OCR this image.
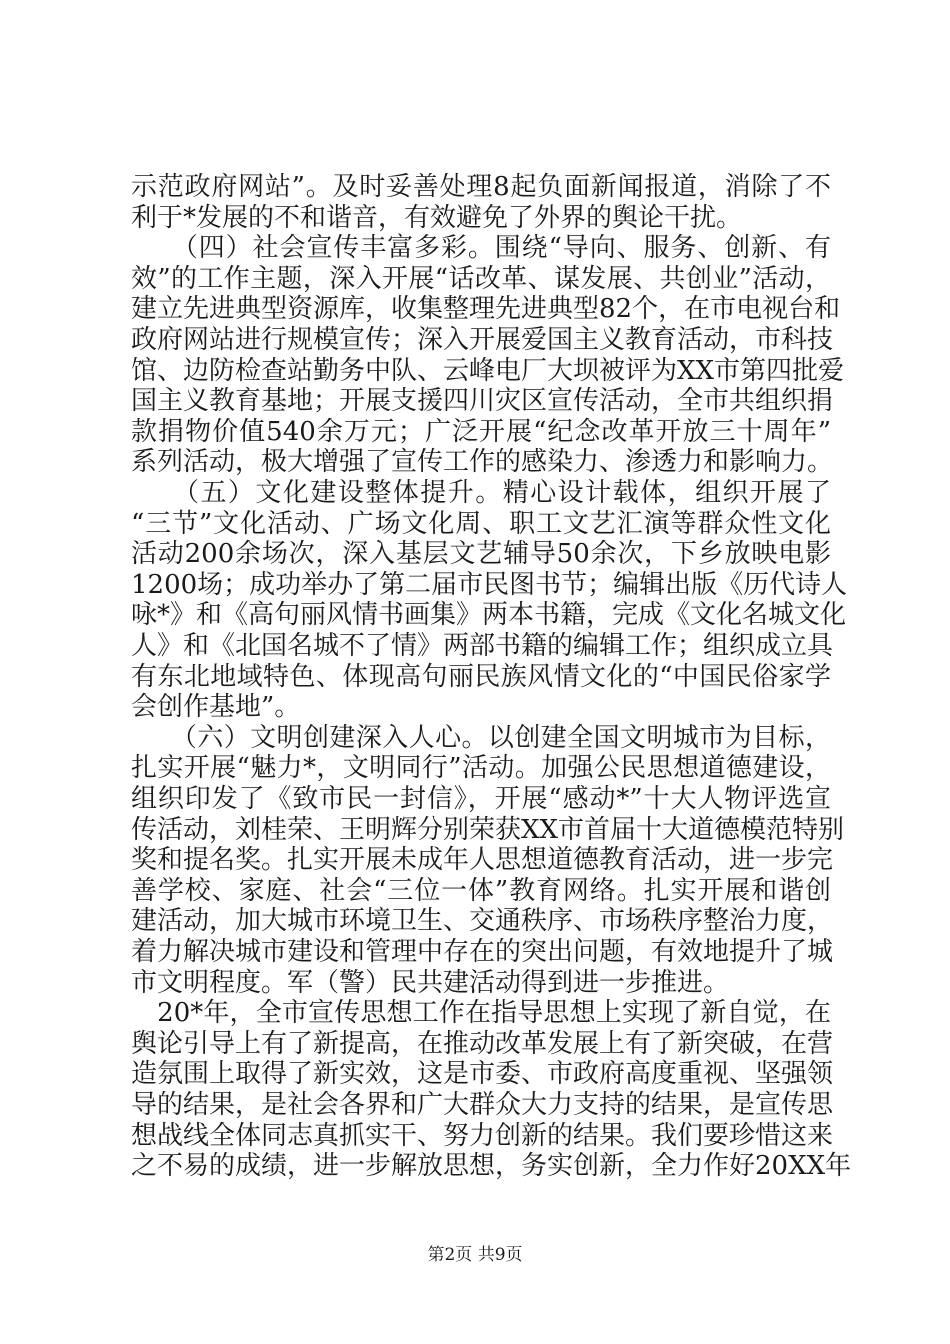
示范政府网站”。及时妥善处理8起负面新闻报道，消除了不
利于*发展的不和谐音，有效避免了外界的舆论干扰。
　　（四）社会宣传丰富多彩。围绕“导向、服务、创新、有
效”的工作主题，深入开展“话改革、谋发展、共创业”活动，
建立先进典型资源库，收集整理先进典型82个，在市电视台和
政府网站进行规模宣传；深入开展爱国主义教育活动，市科技
馆、边防检查站勤务中队、云峰电厂大坝被评为XX市第四批爱
国主义教育基地；开展支援四川灾区宣传活动，全市共组织捐
款捐物价值540余万元；广泛开展“纪念改革开放三十周年”
系列活动，极大增强了宣传工作的感染力、渗透力和影响力。
　　（五）文化建设整体提升。精心设计载体，组织开展了
“三节”文化活动、广场文化周、职工文艺汇演等群众性文化
活动200余场次，深入基层文艺辅导50余次，下乡放映电影
1200场；成功举办了第二届市民图书节；编辑出版《历代诗人
咏*》和《高句丽风情书画集》两本书籍，完成《文化名城文化
人》和《北国名城不了情》两部书籍的编辑工作；组织成立具
有东北地域特色、体现高句丽民族风情文化的“中国民俗家学
会创作基地”。
　　（六）文明创建深入人心。以创建全国文明城市为目标，
扎实开展“魅力*，文明同行”活动。加强公民思想道德建设，
组织印发了《致市民一封信》，开展“感动*”十大人物评选宣
传活动，刘桂荣、王明辉分别荣获XX市首届十大道德模范特别
奖和提名奖。扎实开展未成年人思想道德教育活动，进一步完
善学校、家庭、社会“三位一体”教育网络。扎实开展和谐创
建活动，加大城市环境卫生、交通秩序、市场秩序整治力度，
着力解决城市建设和管理中存在的突出问题，有效地提升了城
市文明程度。军（警）民共建活动得到进一步推进。
　20*年，全市宣传思想工作在指导思想上实现了新自觉，在
舆论引导上有了新提高，在推动改革发展上有了新突破，在营
造氛围上取得了新实效，这是市委、市政府高度重视、坚强领
导的结果，是社会各界和广大群众大力支持的结果，是宣传思
想战线全体同志真抓实干、努力创新的结果。我们要珍惜这来
之不易的成绩，进一步解放思想，务实创新，全力作好20XX年
第2页 共9页
